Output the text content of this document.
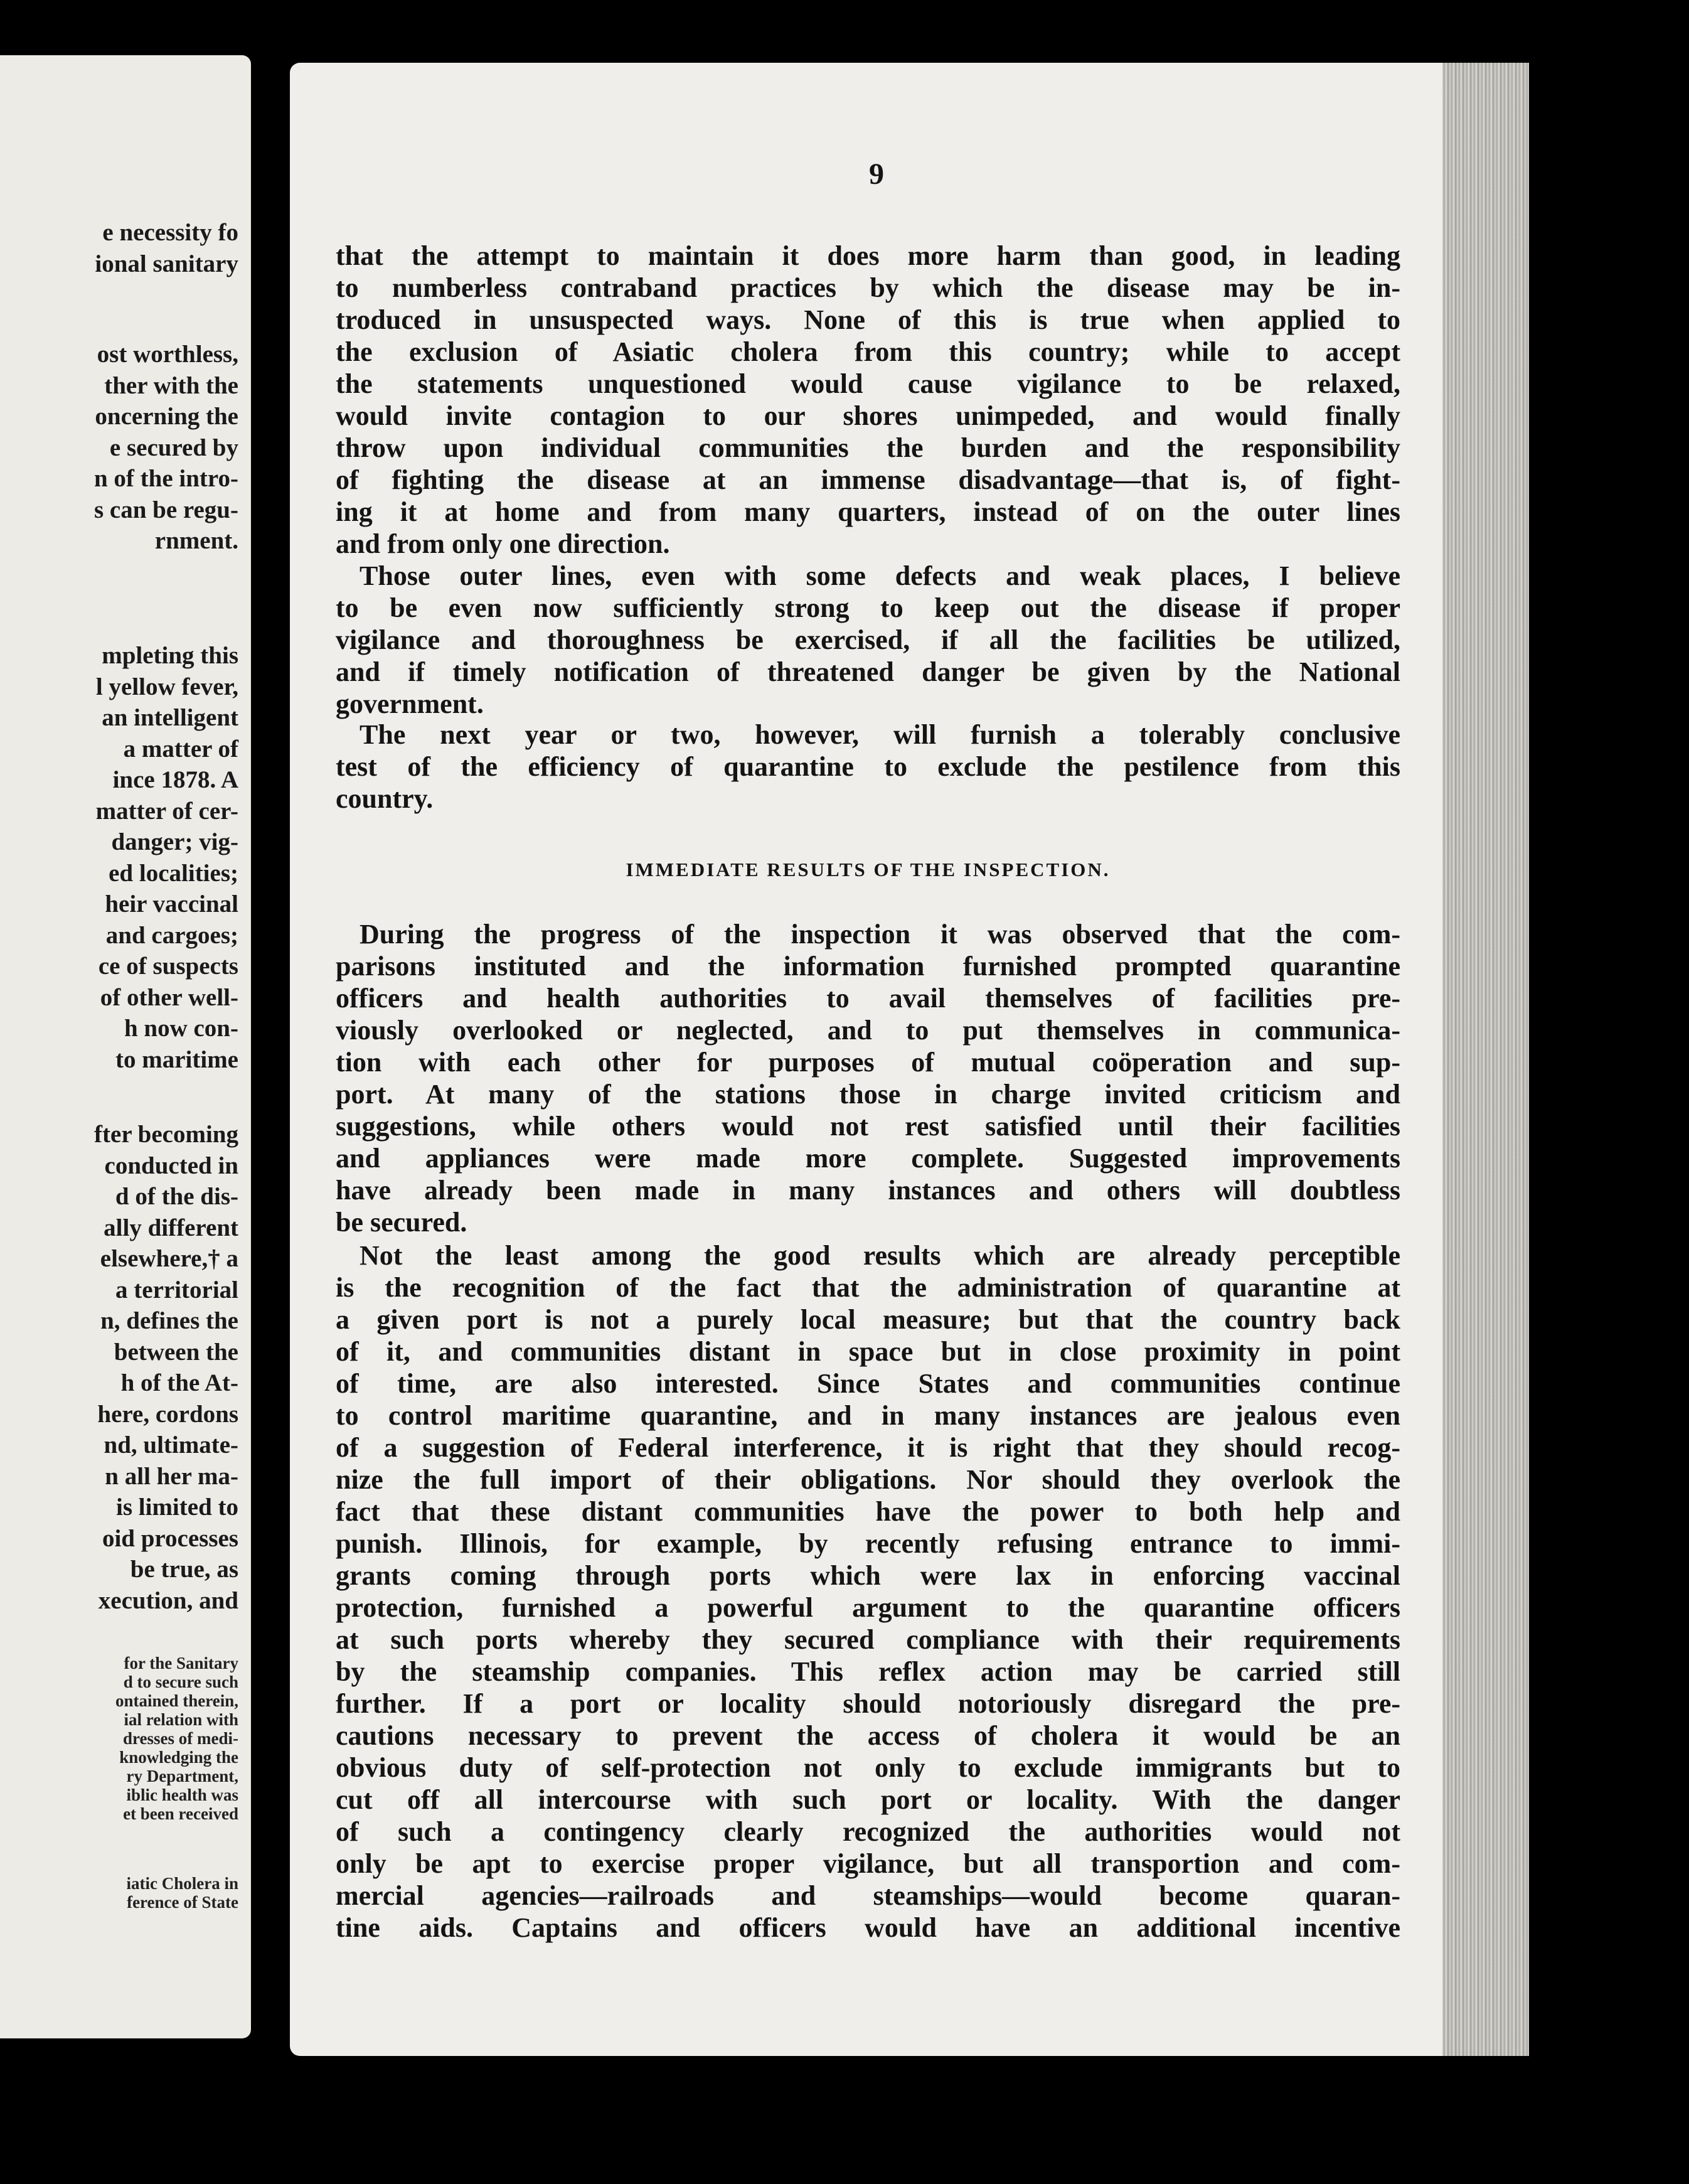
e necessity fo
ional sanitary
ost worthless,
ther with the
oncerning the
e secured by
n of the intro-
s can be regu-
rnment.
mpleting this
l yellow fever,
an intelligent
a matter of
ince 1878. A
matter of cer-
danger; vig-
ed localities;
heir vaccinal
and cargoes;
ce of suspects
of other well-
h now con-
to maritime
fter becoming
conducted in
d of the dis-
ally different
elsewhere,† a
a territorial
n, defines the
between the
h of the At-
here, cordons
nd, ultimate-
n all her ma-
is limited to
oid processes
be true, as
xecution, and
for the Sanitary
d to secure such
ontained therein,
ial relation with
dresses of medi-
knowledging the
ry Department,
iblic health was
et been received
iatic Cholera in
ference of State
9
that the attempt to maintain it does more harm than good, in leading
to numberless contraband practices by which the disease may be in-
troduced in unsuspected ways. None of this is true when applied to
the exclusion of Asiatic cholera from this country; while to accept
the statements unquestioned would cause vigilance to be relaxed,
would invite contagion to our shores unimpeded, and would finally
throw upon individual communities the burden and the responsibility
of fighting the disease at an immense disadvantage—that is, of fight-
ing it at home and from many quarters, instead of on the outer lines
and from only one direction.
Those outer lines, even with some defects and weak places, I believe
to be even now sufficiently strong to keep out the disease if proper
vigilance and thoroughness be exercised, if all the facilities be utilized,
and if timely notification of threatened danger be given by the National
government.
The next year or two, however, will furnish a tolerably conclusive
test of the efficiency of quarantine to exclude the pestilence from this
country.
IMMEDIATE RESULTS OF THE INSPECTION.
During the progress of the inspection it was observed that the com-
parisons instituted and the information furnished prompted quarantine
officers and health authorities to avail themselves of facilities pre-
viously overlooked or neglected, and to put themselves in communica-
tion with each other for purposes of mutual coöperation and sup-
port. At many of the stations those in charge invited criticism and
suggestions, while others would not rest satisfied until their facilities
and appliances were made more complete. Suggested improvements
have already been made in many instances and others will doubtless
be secured.
Not the least among the good results which are already perceptible
is the recognition of the fact that the administration of quarantine at
a given port is not a purely local measure; but that the country back
of it, and communities distant in space but in close proximity in point
of time, are also interested. Since States and communities continue
to control maritime quarantine, and in many instances are jealous even
of a suggestion of Federal interference, it is right that they should recog-
nize the full import of their obligations. Nor should they overlook the
fact that these distant communities have the power to both help and
punish. Illinois, for example, by recently refusing entrance to immi-
grants coming through ports which were lax in enforcing vaccinal
protection, furnished a powerful argument to the quarantine officers
at such ports whereby they secured compliance with their requirements
by the steamship companies. This reflex action may be carried still
further. If a port or locality should notoriously disregard the pre-
cautions necessary to prevent the access of cholera it would be an
obvious duty of self-protection not only to exclude immigrants but to
cut off all intercourse with such port or locality. With the danger
of such a contingency clearly recognized the authorities would not
only be apt to exercise proper vigilance, but all transportion and com-
mercial agencies—railroads and steamships—would become quaran-
tine aids. Captains and officers would have an additional incentive
